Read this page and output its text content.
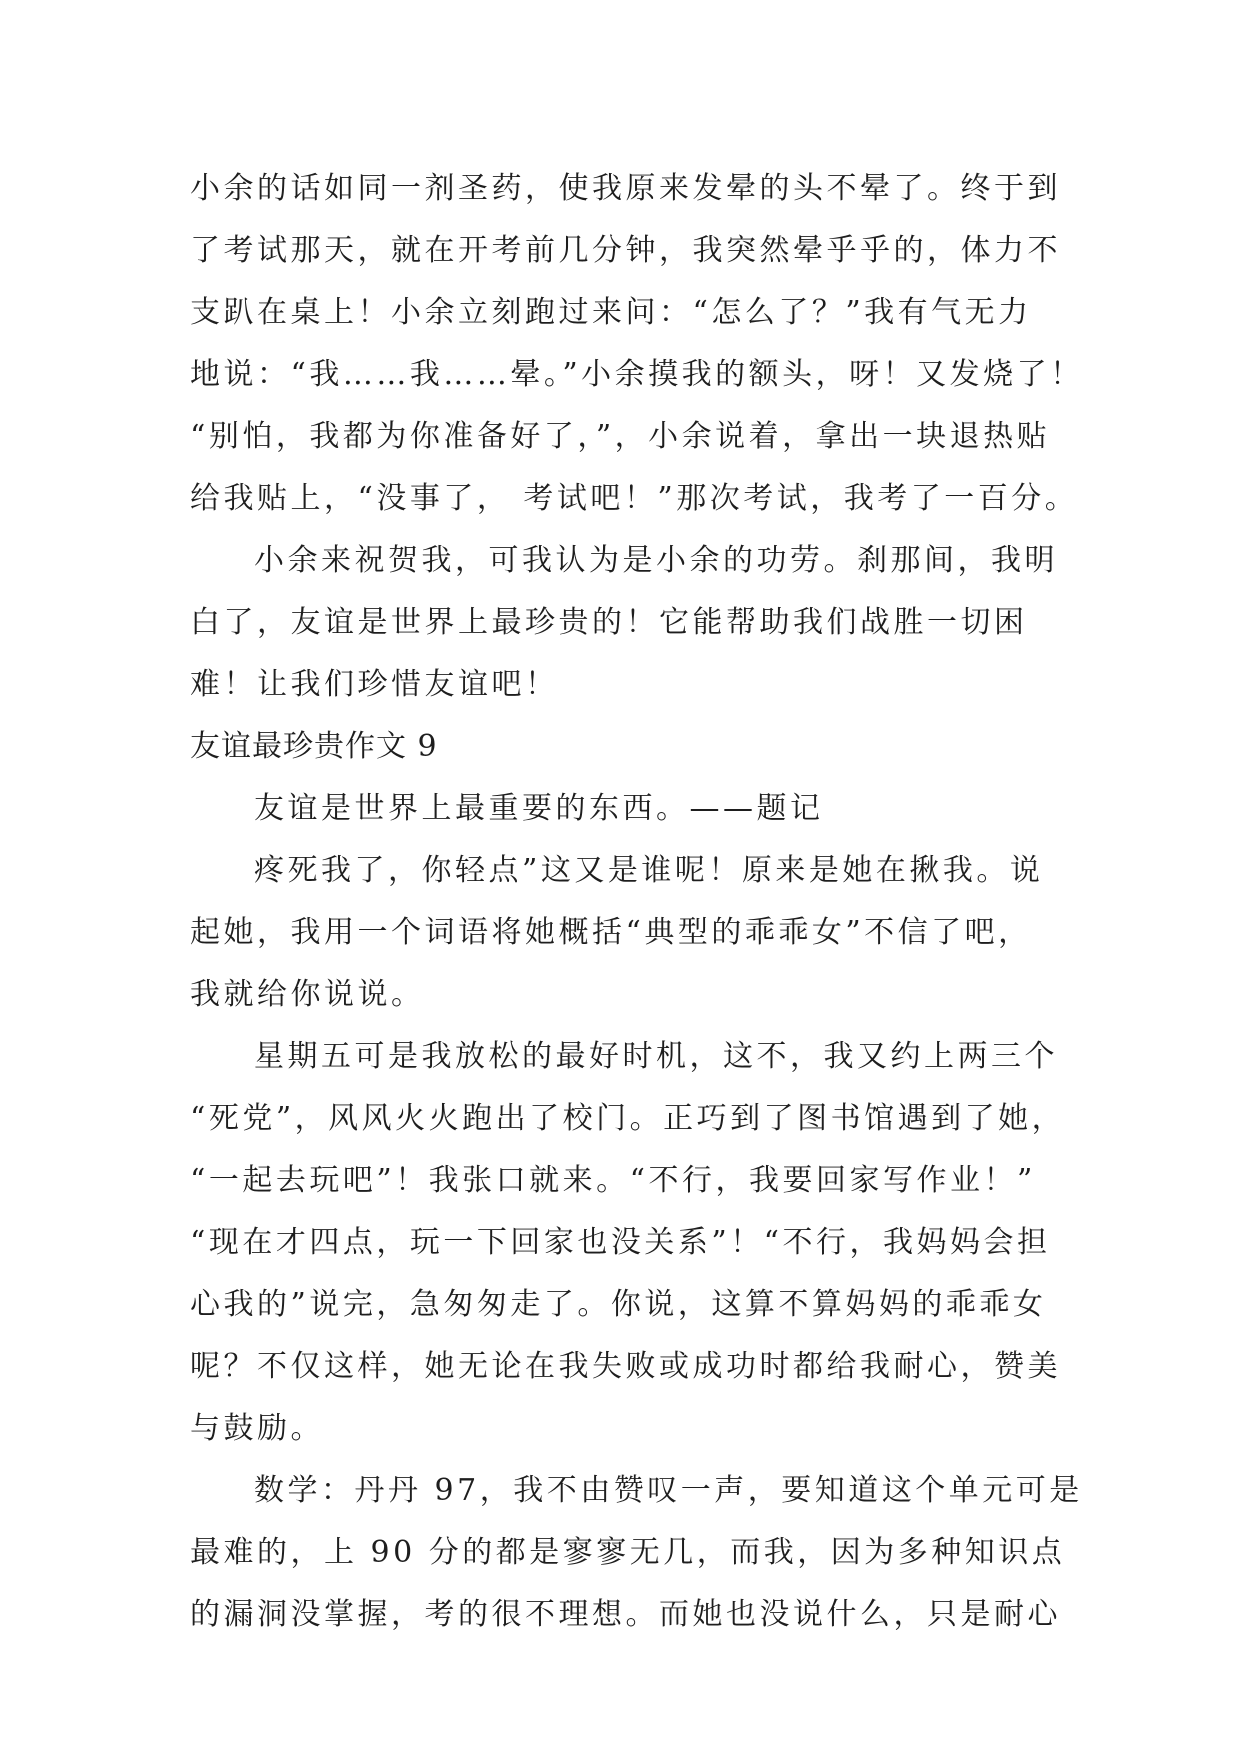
小余的话如同一剂圣药，使我原来发晕的头不晕了。终于到
了考试那天，就在开考前几分钟，我突然晕乎乎的，体力不
支趴在桌上！小余立刻跑过来问：“怎么了？”我有气无力
地说：“我……我……晕。”小余摸我的额头，呀！又发烧了！
“别怕，我都为你准备好了，”，小余说着，拿出一块退热贴
给我贴上，“没事了， 考试吧！”那次考试，我考了一百分。
小余来祝贺我，可我认为是小余的功劳。刹那间，我明
白了，友谊是世界上最珍贵的！它能帮助我们战胜一切困
难！让我们珍惜友谊吧！
友谊最珍贵作文 9
友谊是世界上最重要的东西。——题记
疼死我了，你轻点”这又是谁呢！原来是她在揪我。说
起她，我用一个词语将她概括“典型的乖乖女”不信了吧，
我就给你说说。
星期五可是我放松的最好时机，这不，我又约上两三个
“死党”，风风火火跑出了校门。正巧到了图书馆遇到了她，
“一起去玩吧”！我张口就来。“不行，我要回家写作业！”
“现在才四点，玩一下回家也没关系”！“不行，我妈妈会担
心我的”说完，急匆匆走了。你说，这算不算妈妈的乖乖女
呢？不仅这样，她无论在我失败或成功时都给我耐心，赞美
与鼓励。
数学：丹丹 97，我不由赞叹一声，要知道这个单元可是
最难的，上 90 分的都是寥寥无几，而我，因为多种知识点
的漏洞没掌握，考的很不理想。而她也没说什么，只是耐心
